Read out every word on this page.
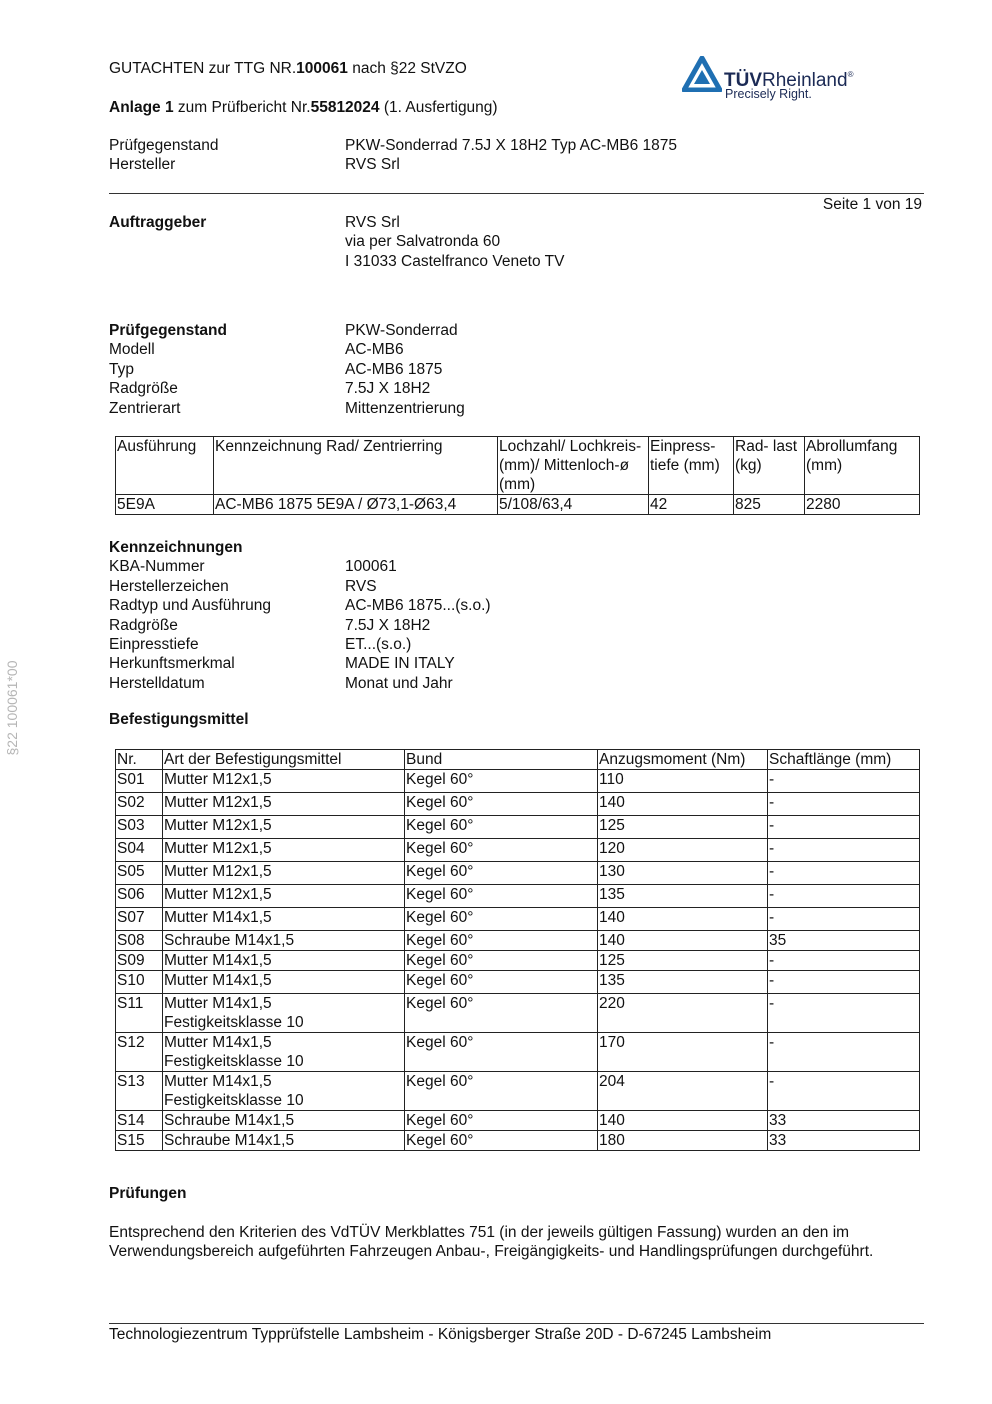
GUTACHTEN zur TTG NR.100061 nach §22 StVZO
Anlage 1 zum Prüfbericht Nr.55812024 (1. Ausfertigung)
TÜVRheinland®
Precisely Right.
Prüfgegenstand	PKW-Sonderrad 7.5J X 18H2 Typ AC-MB6 1875
Hersteller	RVS Srl
Seite 1 von 19
Auftraggeber	RVS Srl
via per Salvatronda 60
I 31033 Castelfranco Veneto TV
Prüfgegenstand	PKW-Sonderrad
Modell	AC-MB6
Typ	AC-MB6 1875
Radgröße	7.5J X 18H2
Zentrierart	Mittenzentrierung
Ausführung	Kennzeichnung Rad/ Zentrierring	Lochzahl/ Lochkreis- (mm)/ Mittenloch-ø (mm)	Einpress-tiefe (mm)	Rad- last (kg)	Abrollumfang (mm)
5E9A	AC-MB6 1875 5E9A / Ø73,1-Ø63,4	5/108/63,4	42	825	2280
Kennzeichnungen
KBA-Nummer	100061
Herstellerzeichen	RVS
Radtyp und Ausführung	AC-MB6 1875...(s.o.)
Radgröße	7.5J X 18H2
Einpresstiefe	ET...(s.o.)
Herkunftsmerkmal	MADE IN ITALY
Herstelldatum	Monat und Jahr
Befestigungsmittel
Nr.	Art der Befestigungsmittel	Bund	Anzugsmoment (Nm)	Schaftlänge (mm)
S01	Mutter M12x1,5	Kegel 60°	110	-
S02	Mutter M12x1,5	Kegel 60°	140	-
S03	Mutter M12x1,5	Kegel 60°	125	-
S04	Mutter M12x1,5	Kegel 60°	120	-
S05	Mutter M12x1,5	Kegel 60°	130	-
S06	Mutter M12x1,5	Kegel 60°	135	-
S07	Mutter M14x1,5	Kegel 60°	140	-
S08	Schraube M14x1,5	Kegel 60°	140	35
S09	Mutter M14x1,5	Kegel 60°	125	-
S10	Mutter M14x1,5	Kegel 60°	135	-
S11	Mutter M14x1,5
Festigkeitsklasse 10	Kegel 60°	220	-
S12	Mutter M14x1,5
Festigkeitsklasse 10	Kegel 60°	170	-
S13	Mutter M14x1,5
Festigkeitsklasse 10	Kegel 60°	204	-
S14	Schraube M14x1,5	Kegel 60°	140	33
S15	Schraube M14x1,5	Kegel 60°	180	33
Prüfungen
Entsprechend den Kriterien des VdTÜV Merkblattes 751 (in der jeweils gültigen Fassung) wurden an den im Verwendungsbereich aufgeführten Fahrzeugen Anbau-, Freigängigkeits- und Handlingsprüfungen durchgeführt.
§22 100061*00
Technologiezentrum Typprüfstelle Lambsheim - Königsberger Straße 20D - D-67245 Lambsheim
